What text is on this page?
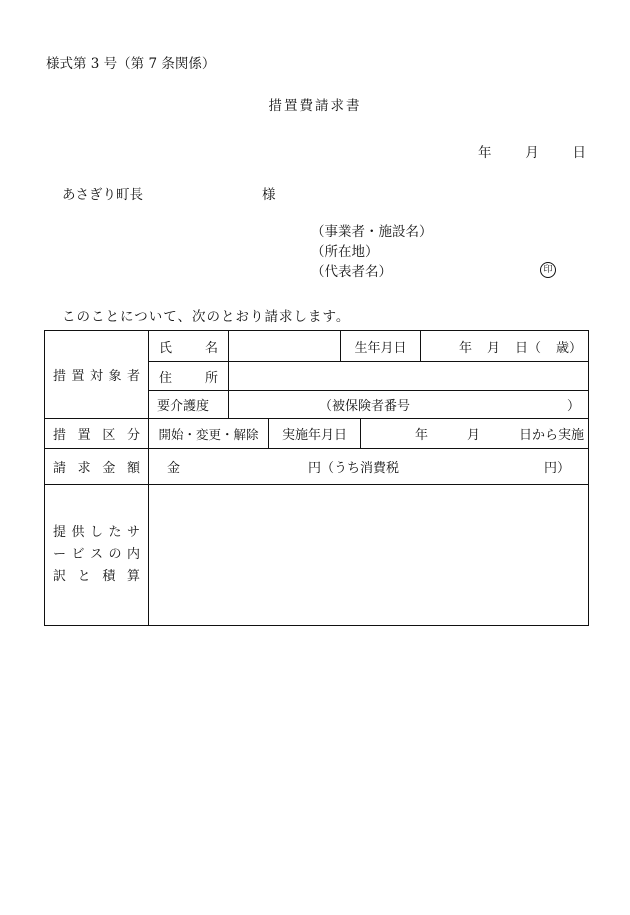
様式第 3 号（第 7 条関係）
措置費請求書
年	月	日
あさぎり町長	様
（事業者・施設名）
（所在地）
（代表者名）	印
このことについて、次のとおり請求します。
措置対象者	氏　名			生年月日		年 月 日（ 歳）

	住　所					
	要介護度	（被保険者番号 ）				

措置区分	開始・変更・解除		実施年月日		年 月 日から実施	

請求金額	金 円（うち消費税 円）					

提供したサ
ービスの内
訳と積算						
